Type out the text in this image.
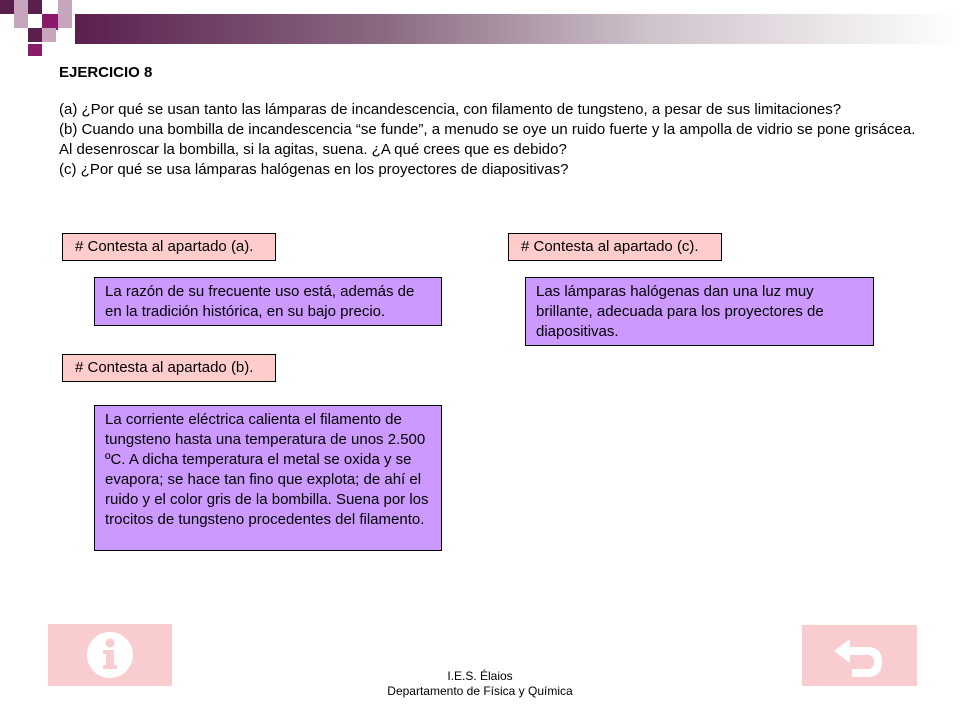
EJERCICIO 8

(a) ¿Por qué se usan tanto las lámparas de incandescencia, con filamento de tungsteno, a pesar de sus limitaciones?

(b) Cuando una bombilla de incandescencia “se funde”, a menudo se oye un ruido fuerte y la ampolla de vidrio se pone grisácea. Al desenroscar la bombilla, si la agitas, suena. ¿A qué crees que es debido?

(c) ¿Por qué se usa lámparas halógenas en los proyectores de diapositivas?

# Contesta al apartado (a).
La razón de su frecuente uso está, además de en la tradición histórica, en su bajo precio.
# Contesta al apartado (b).
La corriente eléctrica calienta el filamento de tungsteno hasta una temperatura de unos 2.500 ºC. A dicha temperatura el metal se oxida y se evapora; se hace tan fino que explota; de ahí el ruido y el color gris de la bombilla. Suena por los trocitos de tungsteno procedentes del filamento.
# Contesta al apartado (c).
Las lámparas halógenas dan una luz muy brillante, adecuada para los proyectores de diapositivas.
I.E.S. Élaios
Departamento de Física y Química
